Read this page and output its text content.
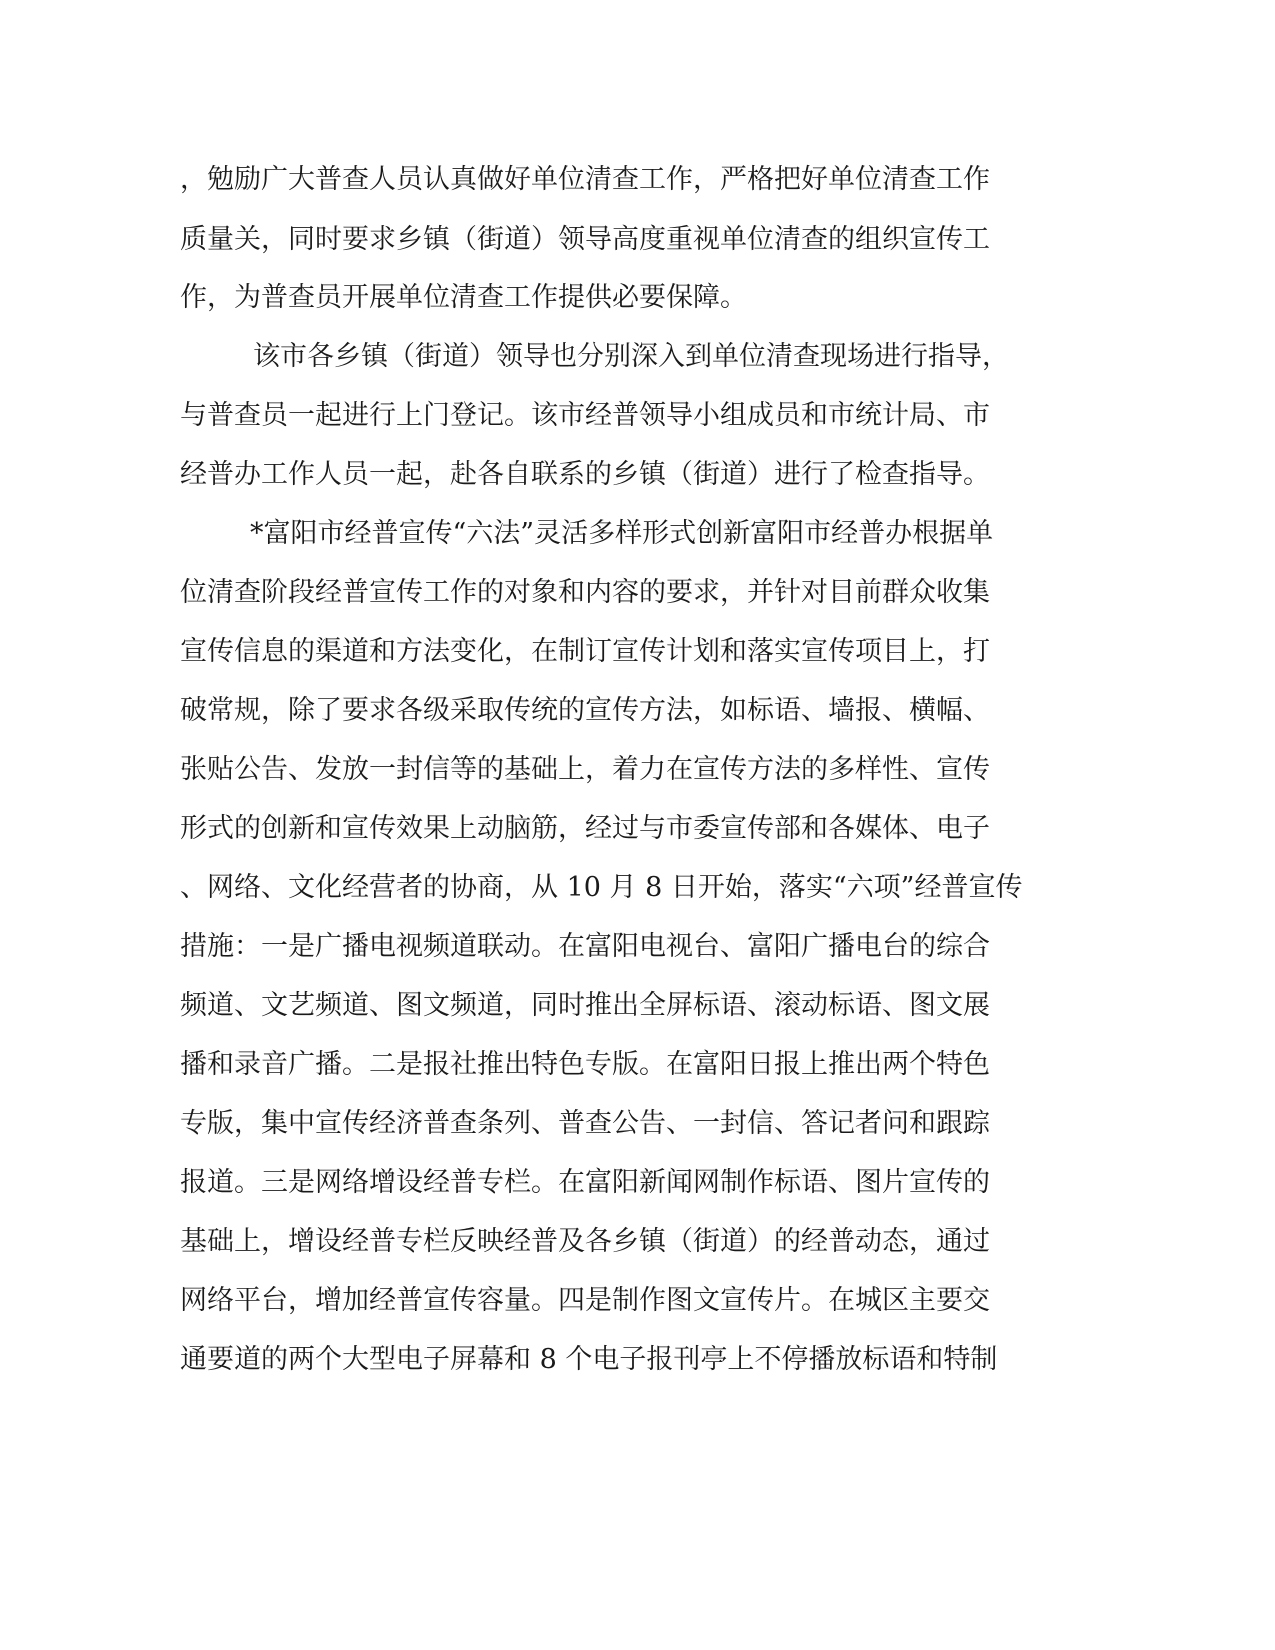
，勉励广大普查人员认真做好单位清查工作，严格把好单位清查工作
质量关，同时要求乡镇（街道）领导高度重视单位清查的组织宣传工
作，为普查员开展单位清查工作提供必要保障。
该市各乡镇（街道）领导也分别深入到单位清查现场进行指导，
与普查员一起进行上门登记。该市经普领导小组成员和市统计局、市
经普办工作人员一起，赴各自联系的乡镇（街道）进行了检查指导。
*富阳市经普宣传“六法”灵活多样形式创新富阳市经普办根据单
位清查阶段经普宣传工作的对象和内容的要求，并针对目前群众收集
宣传信息的渠道和方法变化，在制订宣传计划和落实宣传项目上，打
破常规，除了要求各级采取传统的宣传方法，如标语、墙报、横幅、
张贴公告、发放一封信等的基础上，着力在宣传方法的多样性、宣传
形式的创新和宣传效果上动脑筋，经过与市委宣传部和各媒体、电子
、网络、文化经营者的协商，从 10 月 8 日开始，落实“六项”经普宣传
措施：一是广播电视频道联动。在富阳电视台、富阳广播电台的综合
频道、文艺频道、图文频道，同时推出全屏标语、滚动标语、图文展
播和录音广播。二是报社推出特色专版。在富阳日报上推出两个特色
专版，集中宣传经济普查条列、普查公告、一封信、答记者问和跟踪
报道。三是网络增设经普专栏。在富阳新闻网制作标语、图片宣传的
基础上，增设经普专栏反映经普及各乡镇（街道）的经普动态，通过
网络平台，增加经普宣传容量。四是制作图文宣传片。在城区主要交
通要道的两个大型电子屏幕和 8 个电子报刊亭上不停播放标语和特制
